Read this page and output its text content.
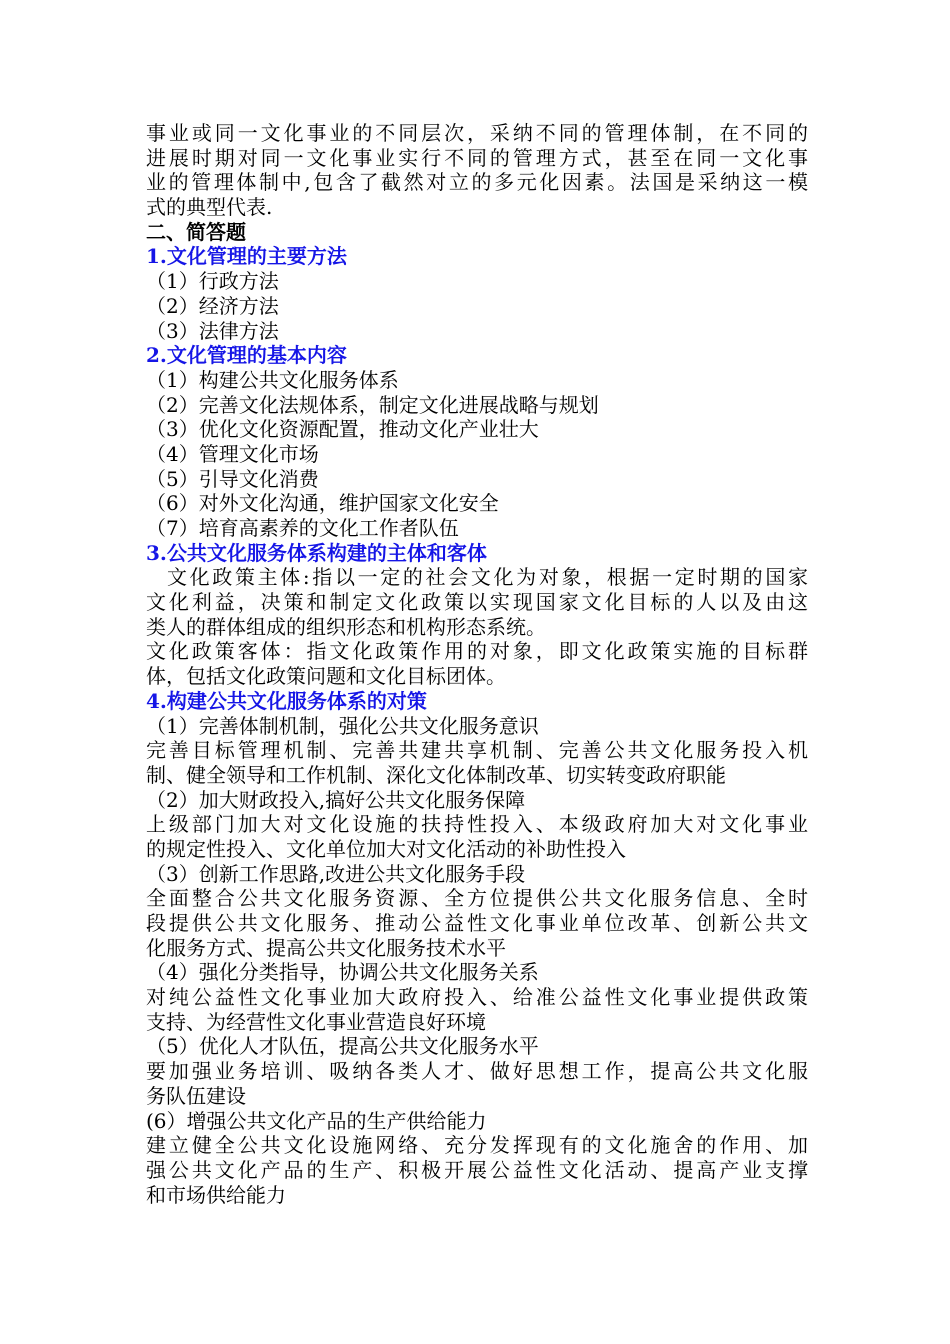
事业或同一文化事业的不同层次，采纳不同的管理体制，在不同的
进展时期对同一文化事业实行不同的管理方式，甚至在同一文化事
业的管理体制中,包含了截然对立的多元化因素。法国是采纳这一模
式的典型代表.
二、简答题
1.文化管理的主要方法
（1）行政方法
（2）经济方法
（3）法律方法
2.文化管理的基本内容
（1）构建公共文化服务体系
（2）完善文化法规体系，制定文化进展战略与规划
（3）优化文化资源配置，推动文化产业壮大
（4）管理文化市场
（5）引导文化消费
（6）对外文化沟通，维护国家文化安全
（7）培育高素养的文化工作者队伍
3.公共文化服务体系构建的主体和客体
文化政策主体:指以一定的社会文化为对象，根据一定时期的国家
文化利益，决策和制定文化政策以实现国家文化目标的人以及由这
类人的群体组成的组织形态和机构形态系统。
文化政策客体：指文化政策作用的对象，即文化政策实施的目标群
体，包括文化政策问题和文化目标团体。
4.构建公共文化服务体系的对策
（1）完善体制机制，强化公共文化服务意识
完善目标管理机制、完善共建共享机制、完善公共文化服务投入机
制、健全领导和工作机制、深化文化体制改革、切实转变政府职能
（2）加大财政投入,搞好公共文化服务保障
上级部门加大对文化设施的扶持性投入、本级政府加大对文化事业
的规定性投入、文化单位加大对文化活动的补助性投入
（3）创新工作思路,改进公共文化服务手段
全面整合公共文化服务资源、全方位提供公共文化服务信息、全时
段提供公共文化服务、推动公益性文化事业单位改革、创新公共文
化服务方式、提高公共文化服务技术水平
（4）强化分类指导，协调公共文化服务关系
对纯公益性文化事业加大政府投入、给准公益性文化事业提供政策
支持、为经营性文化事业营造良好环境
（5）优化人才队伍，提高公共文化服务水平
要加强业务培训、吸纳各类人才、做好思想工作，提高公共文化服
务队伍建设
(6）增强公共文化产品的生产供给能力
建立健全公共文化设施网络、充分发挥现有的文化施舍的作用、加
强公共文化产品的生产、积极开展公益性文化活动、提高产业支撑
和市场供给能力
